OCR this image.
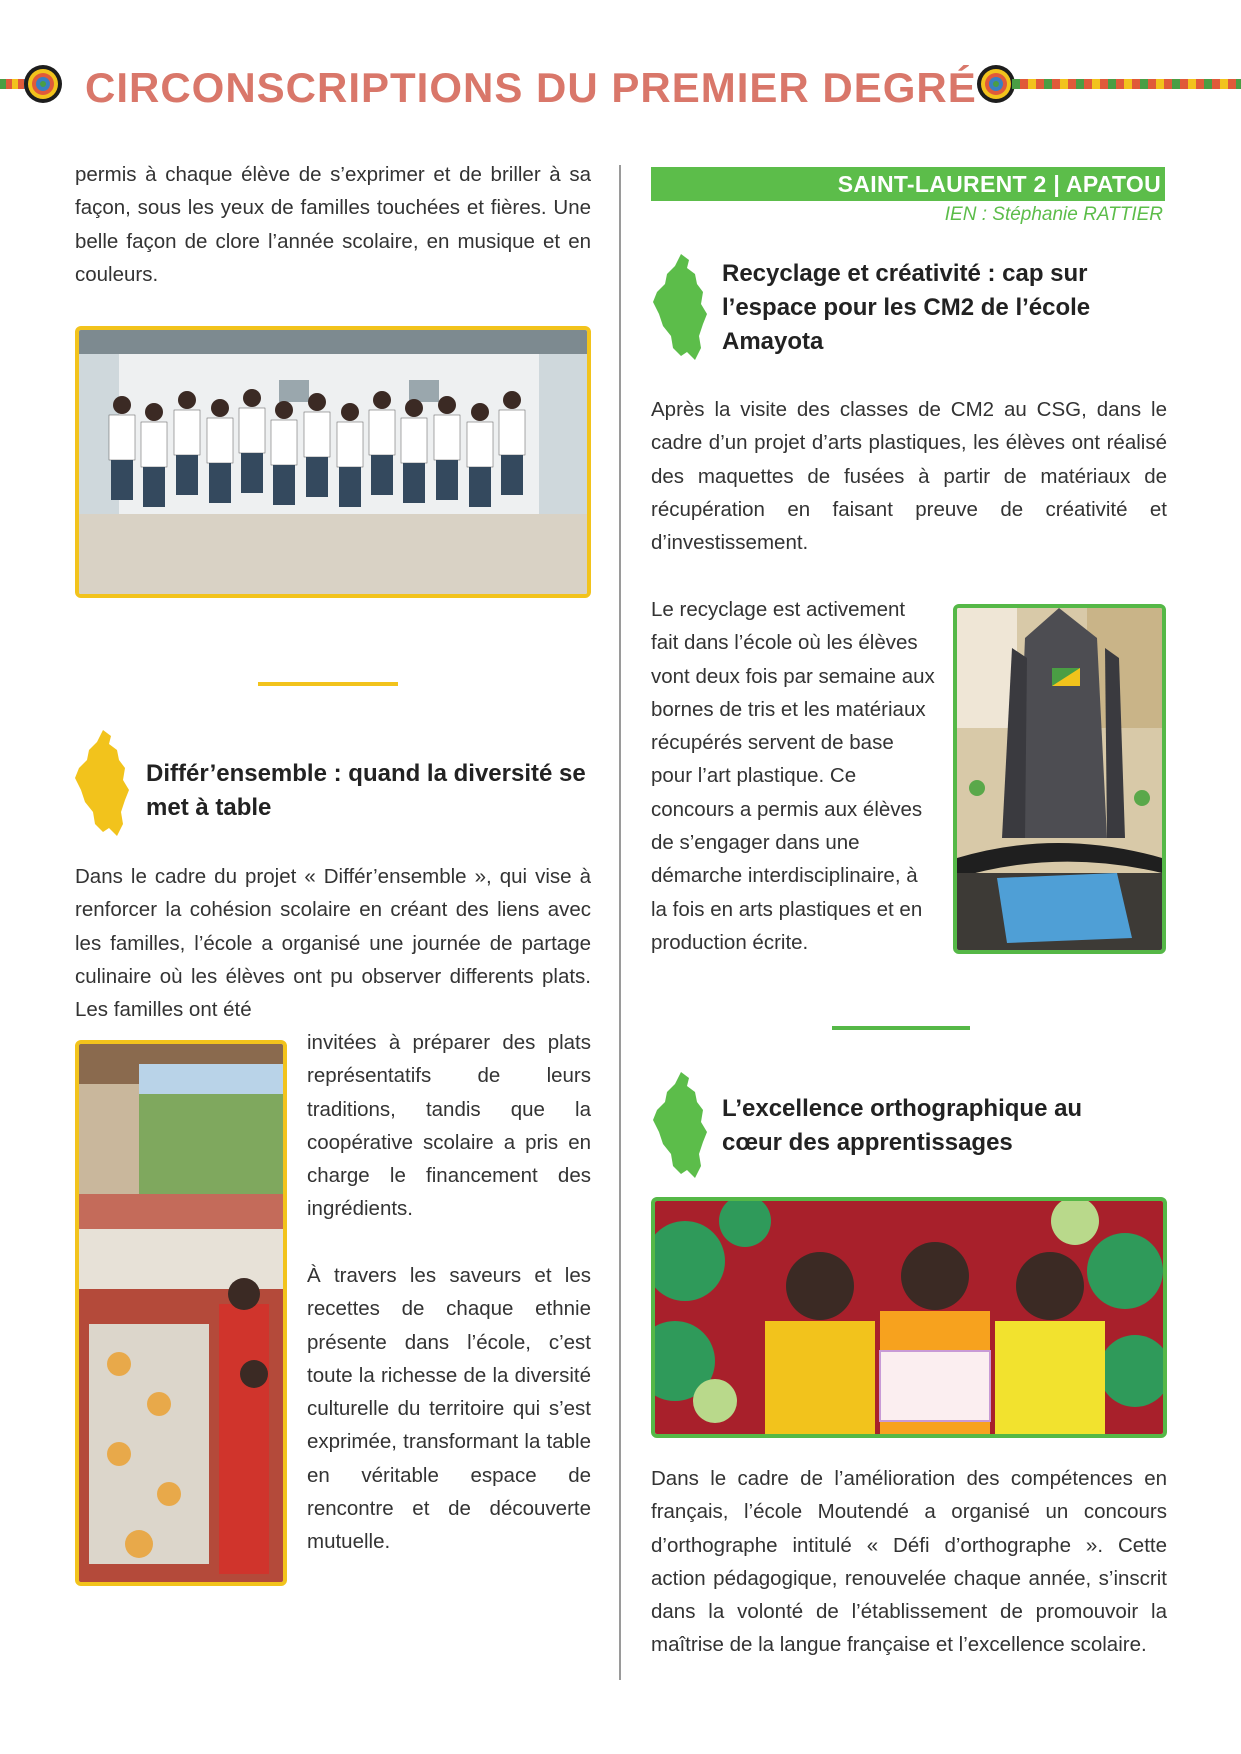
CIRCONSCRIPTIONS DU PREMIER DEGRÉ
permis à chaque élève de s’exprimer et de briller à sa façon, sous les yeux de familles touchées et fières. Une belle façon de clore l’année scolaire, en musique et en couleurs.
Différ’ensemble : quand la diversité se met à table
Dans le cadre du projet « Différ’ensemble », qui vise à renforcer la cohésion scolaire en créant des liens avec les familles, l’école a organisé une journée de partage culinaire où les élèves ont pu observer differents plats. Les familles ont été
invitées à préparer des plats représentatifs de leurs traditions, tandis que la coopérative scolaire a pris en charge le financement des ingrédients.
À travers les saveurs et les recettes de chaque ethnie présente dans l’école, c’est toute la richesse de la diversité culturelle du territoire qui s’est exprimée, transformant la table en véritable espace de rencontre et de découverte mutuelle.
SAINT-LAURENT 2 | APATOU
IEN : Stéphanie RATTIER
Recyclage et créativité : cap sur l’espace pour les CM2 de l’école Amayota
Après la visite des classes de CM2 au CSG, dans le cadre d’un projet d’arts plastiques, les élèves ont réalisé des maquettes de fusées à partir de matériaux de récupération en faisant preuve de créativité et d’investissement.
Le recyclage est activement fait dans l’école où les élèves vont deux fois par semaine aux bornes de tris et les matériaux récupérés servent de base pour l’art plastique. Ce concours a permis aux élèves de s’engager dans une démarche interdisciplinaire, à la fois en arts plastiques et en production écrite.
L’excellence orthographique au cœur des apprentissages
Dans le cadre de l’amélioration des compétences en français, l’école Moutendé a organisé un concours d’orthographe intitulé « Défi d’orthographe ». Cette action pédagogique, renouvelée chaque année, s’inscrit dans la volonté de l’établissement de promouvoir la maîtrise de la langue française et l’excellence scolaire.
